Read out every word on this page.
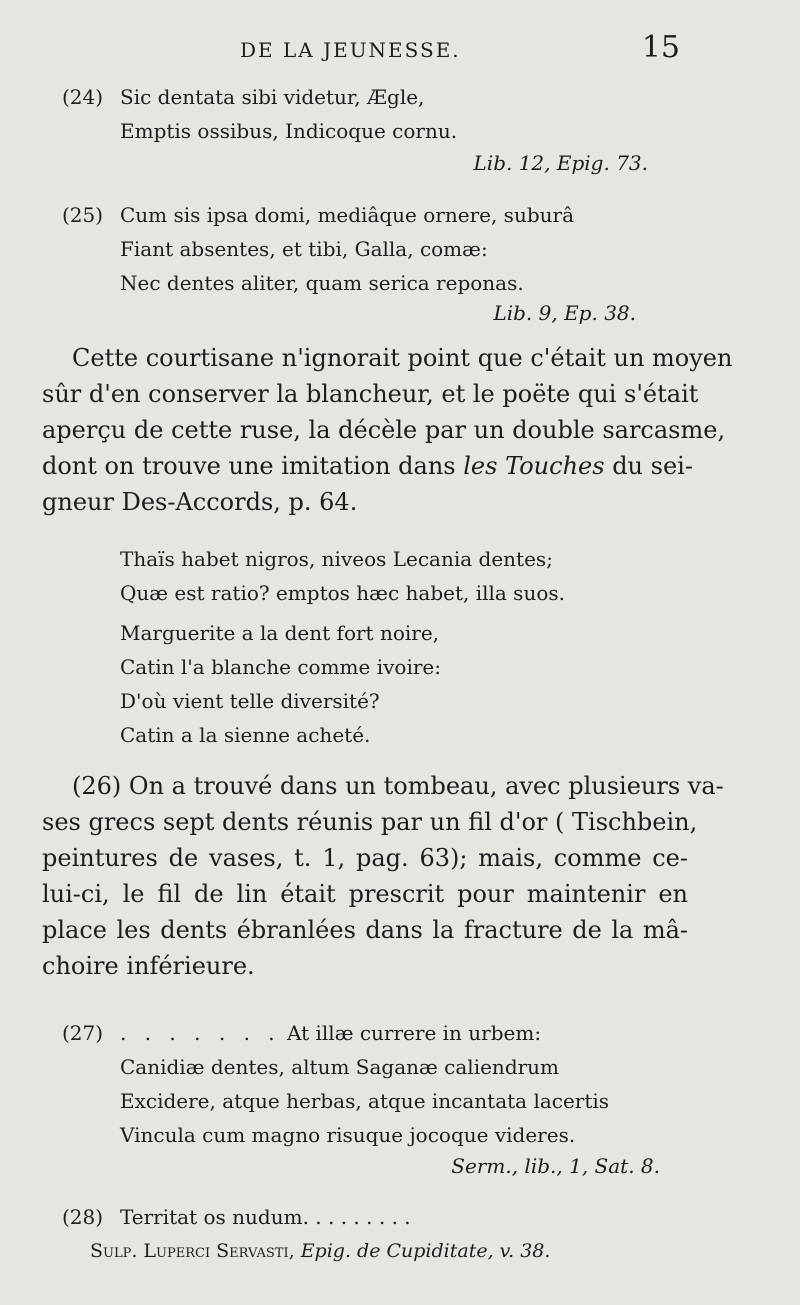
DE LA JEUNESSE.	15
(24) Sic dentata sibi videtur, Ægle,
Emptis ossibus, Indicoque cornu.
Lib. 12, Epig. 73.
(25) Cum sis ipsa domi, mediâque ornere, suburâ
Fiant absentes, et tibi, Galla, comæ:
Nec dentes aliter, quam serica reponas.
Lib. 9, Ep. 38.
Cette courtisane n'ignorait point que c'était un moyen
sûr d'en conserver la blancheur, et le poëte qui s'était
aperçu de cette ruse, la décèle par un double sarcasme,
dont on trouve une imitation dans les Touches du sei-
gneur Des-Accords, p. 64.
Thaïs habet nigros, niveos Lecania dentes;
Quæ est ratio? emptos hæc habet, illa suos.
Marguerite a la dent fort noire,
Catin l'a blanche comme ivoire:
D'où vient telle diversité?
Catin a la sienne acheté.
(26) On a trouvé dans un tombeau, avec plusieurs va-
ses grecs sept dents réunis par un fil d'or ( Tischbein,
peintures de vases, t. 1, pag. 63); mais, comme ce-
lui-ci, le fil de lin était prescrit pour maintenir en
place les dents ébranlées dans la fracture de la mâ-
choire inférieure.
(27) . . . . . . . At illæ currere in urbem:
Canidiæ dentes, altum Saganæ caliendrum
Excidere, atque herbas, atque incantata lacertis
Vincula cum magno risuque jocoque videres.
Serm., lib., 1, Sat. 8.
(28) Territat os nudum. . . . . . . . .
Sulp. Luperci Servasti, Epig. de Cupiditate, v. 38.
